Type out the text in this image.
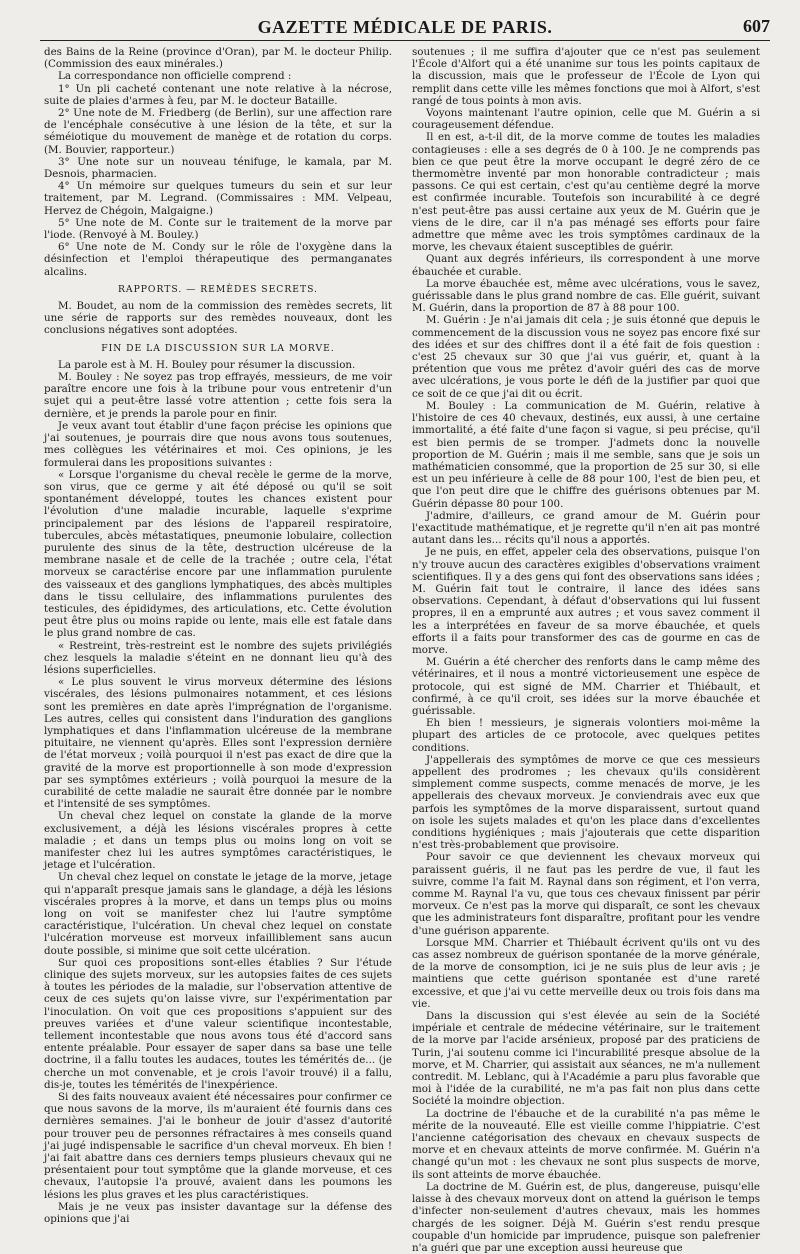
GAZETTE MÉDICALE DE PARIS.	607

des Bains de la Reine (province d'Oran), par M. le docteur Philip. (Commission des eaux minérales.)

La correspondance non officielle comprend :

1° Un pli cacheté contenant une note relative à la nécrose, suite de plaies d'armes à feu, par M. le docteur Bataille.

2° Une note de M. Friedberg (de Berlin), sur une affection rare de l'encéphale consécutive à une lésion de la tête, et sur la séméiotique du mouvement de manège et de rotation du corps. (M. Bouvier, rapporteur.)

3° Une note sur un nouveau ténifuge, le kamala, par M. Desnois, pharmacien.

4° Un mémoire sur quelques tumeurs du sein et sur leur traitement, par M. Legrand. (Commissaires : MM. Velpeau, Hervez de Chégoin, Malgaigne.)

5° Une note de M. Conte sur le traitement de la morve par l'iode. (Renvoyé à M. Bouley.)

6° Une note de M. Condy sur le rôle de l'oxygène dans la désinfection et l'emploi thérapeutique des permanganates alcalins.

RAPPORTS. — REMÈDES SECRETS.

M. Boudet, au nom de la commission des remèdes secrets, lit une série de rapports sur des remèdes nouveaux, dont les conclusions négatives sont adoptées.

FIN DE LA DISCUSSION SUR LA MORVE.

La parole est à M. H. Bouley pour résumer la discussion.

M. Bouley : Ne soyez pas trop effrayés, messieurs, de me voir paraître encore une fois à la tribune pour vous entretenir d'un sujet qui a peut-être lassé votre attention ; cette fois sera la dernière, et je prends la parole pour en finir.

Je veux avant tout établir d'une façon précise les opinions que j'ai soutenues, je pourrais dire que nous avons tous soutenues, mes collègues les vétérinaires et moi. Ces opinions, je les formulerai dans les propositions suivantes :

« Lorsque l'organisme du cheval recèle le germe de la morve, son virus, que ce germe y ait été déposé ou qu'il se soit spontanément développé, toutes les chances existent pour l'évolution d'une maladie incurable, laquelle s'exprime principalement par des lésions de l'appareil respiratoire, tubercules, abcès métastatiques, pneumonie lobulaire, collection purulente des sinus de la tête, destruction ulcéreuse de la membrane nasale et de celle de la trachée ; outre cela, l'état morveux se caractérise encore par une inflammation purulente des vaisseaux et des ganglions lymphatiques, des abcès multiples dans le tissu cellulaire, des inflammations purulentes des testicules, des épididymes, des articulations, etc. Cette évolution peut être plus ou moins rapide ou lente, mais elle est fatale dans le plus grand nombre de cas.

« Restreint, très-restreint est le nombre des sujets privilégiés chez lesquels la maladie s'éteint en ne donnant lieu qu'à des lésions superficielles.

« Le plus souvent le virus morveux détermine des lésions viscérales, des lésions pulmonaires notamment, et ces lésions sont les premières en date après l'imprégnation de l'organisme. Les autres, celles qui consistent dans l'induration des ganglions lymphatiques et dans l'inflammation ulcéreuse de la membrane pituitaire, ne viennent qu'après. Elles sont l'expression dernière de l'état morveux ; voilà pourquoi il n'est pas exact de dire que la gravité de la morve est proportionnelle à son mode d'expression par ses symptômes extérieurs ; voilà pourquoi la mesure de la curabilité de cette maladie ne saurait être donnée par le nombre et l'intensité de ses symptômes.

Un cheval chez lequel on constate la glande de la morve exclusivement, a déjà les lésions viscérales propres à cette maladie ; et dans un temps plus ou moins long on voit se manifester chez lui les autres symptômes caractéristiques, le jetage et l'ulcération.

Un cheval chez lequel on constate le jetage de la morve, jetage qui n'apparaît presque jamais sans le glandage, a déjà les lésions viscérales propres à la morve, et dans un temps plus ou moins long on voit se manifester chez lui l'autre symptôme caractéristique, l'ulcération. Un cheval chez lequel on constate l'ulcération morveuse est morveux infailliblement sans aucun doute possible, si minime que soit cette ulcération.

Sur quoi ces propositions sont-elles établies ? Sur l'étude clinique des sujets morveux, sur les autopsies faites de ces sujets à toutes les périodes de la maladie, sur l'observation attentive de ceux de ces sujets qu'on laisse vivre, sur l'expérimentation par l'inoculation. On voit que ces propositions s'appuient sur des preuves variées et d'une valeur scientifique incontestable, tellement incontestable que nous avons tous été d'accord sans entente préalable. Pour essayer de saper dans sa base une telle doctrine, il a fallu toutes les audaces, toutes les témérités de... (je cherche un mot convenable, et je crois l'avoir trouvé) il a fallu, dis-je, toutes les témérités de l'inexpérience.

Si des faits nouveaux avaient été nécessaires pour confirmer ce que nous savons de la morve, ils m'auraient été fournis dans ces dernières semaines. J'ai le bonheur de jouir d'assez d'autorité pour trouver peu de personnes réfractaires à mes conseils quand j'ai jugé indispensable le sacrifice d'un cheval morveux. Eh bien ! j'ai fait abattre dans ces derniers temps plusieurs chevaux qui ne présentaient pour tout symptôme que la glande morveuse, et ces chevaux, l'autopsie l'a prouvé, avaient dans les poumons les lésions les plus graves et les plus caractéristiques.

Mais je ne veux pas insister davantage sur la défense des opinions que j'ai

soutenues ; il me suffira d'ajouter que ce n'est pas seulement l'École d'Alfort qui a été unanime sur tous les points capitaux de la discussion, mais que le professeur de l'École de Lyon qui remplit dans cette ville les mêmes fonctions que moi à Alfort, s'est rangé de tous points à mon avis.

Voyons maintenant l'autre opinion, celle que M. Guérin a si courageusement défendue.

Il en est, a-t-il dit, de la morve comme de toutes les maladies contagieuses : elle a ses degrés de 0 à 100. Je ne comprends pas bien ce que peut être la morve occupant le degré zéro de ce thermomètre inventé par mon honorable contradicteur ; mais passons. Ce qui est certain, c'est qu'au centième degré la morve est confirmée incurable. Toutefois son incurabilité à ce degré n'est peut-être pas aussi certaine aux yeux de M. Guérin que je viens de le dire, car il n'a pas ménagé ses efforts pour faire admettre que même avec les trois symptômes cardinaux de la morve, les chevaux étaient susceptibles de guérir.

Quant aux degrés inférieurs, ils correspondent à une morve ébauchée et curable.

La morve ébauchée est, même avec ulcérations, vous le savez, guérissable dans le plus grand nombre de cas. Elle guérit, suivant M. Guérin, dans la proportion de 87 à 88 pour 100.

M. Guérin : Je n'ai jamais dit cela ; je suis étonné que depuis le commencement de la discussion vous ne soyez pas encore fixé sur des idées et sur des chiffres dont il a été fait de fois question : c'est 25 chevaux sur 30 que j'ai vus guérir, et, quant à la prétention que vous me prêtez d'avoir guéri des cas de morve avec ulcérations, je vous porte le défi de la justifier par quoi que ce soit de ce que j'ai dit ou écrit.

M. Bouley : La communication de M. Guérin, relative à l'histoire de ces 40 chevaux, destinés, eux aussi, à une certaine immortalité, a été faite d'une façon si vague, si peu précise, qu'il est bien permis de se tromper. J'admets donc la nouvelle proportion de M. Guérin ; mais il me semble, sans que je sois un mathématicien consommé, que la proportion de 25 sur 30, si elle est un peu inférieure à celle de 88 pour 100, l'est de bien peu, et que l'on peut dire que le chiffre des guérisons obtenues par M. Guérin dépasse 80 pour 100.

J'admire, d'ailleurs, ce grand amour de M. Guérin pour l'exactitude mathématique, et je regrette qu'il n'en ait pas montré autant dans les... récits qu'il nous a apportés.

Je ne puis, en effet, appeler cela des observations, puisque l'on n'y trouve aucun des caractères exigibles d'observations vraiment scientifiques. Il y a des gens qui font des observations sans idées ; M. Guérin fait tout le contraire, il lance des idées sans observations. Cependant, à défaut d'observations qui lui fussent propres, il en a emprunté aux autres ; et vous savez comment il les a interprétées en faveur de sa morve ébauchée, et quels efforts il a faits pour transformer des cas de gourme en cas de morve.

M. Guérin a été chercher des renforts dans le camp même des vétérinaires, et il nous a montré victorieusement une espèce de protocole, qui est signé de MM. Charrier et Thiébault, et confirmé, à ce qu'il croit, ses idées sur la morve ébauchée et guérissable.

Eh bien ! messieurs, je signerais volontiers moi-même la plupart des articles de ce protocole, avec quelques petites conditions.

J'appellerais des symptômes de morve ce que ces messieurs appellent des prodromes ; les chevaux qu'ils considèrent simplement comme suspects, comme menacés de morve, je les appellerais des chevaux morveux. Je conviendrais avec eux que parfois les symptômes de la morve disparaissent, surtout quand on isole les sujets malades et qu'on les place dans d'excellentes conditions hygiéniques ; mais j'ajouterais que cette disparition n'est très-probablement que provisoire.

Pour savoir ce que deviennent les chevaux morveux qui paraissent guéris, il ne faut pas les perdre de vue, il faut les suivre, comme l'a fait M. Raynal dans son régiment, et l'on verra, comme M. Raynal l'a vu, que tous ces chevaux finissent par périr morveux. Ce n'est pas la morve qui disparaît, ce sont les chevaux que les administrateurs font disparaître, profitant pour les vendre d'une guérison apparente.

Lorsque MM. Charrier et Thiébault écrivent qu'ils ont vu des cas assez nombreux de guérison spontanée de la morve générale, de la morve de consomption, ici je ne suis plus de leur avis ; je maintiens que cette guérison spontanée est d'une rareté excessive, et que j'ai vu cette merveille deux ou trois fois dans ma vie.

Dans la discussion qui s'est élevée au sein de la Société impériale et centrale de médecine vétérinaire, sur le traitement de la morve par l'acide arsénieux, proposé par des praticiens de Turin, j'ai soutenu comme ici l'incurabilité presque absolue de la morve, et M. Charrier, qui assistait aux séances, ne m'a nullement contredit. M. Leblanc, qui à l'Académie a paru plus favorable que moi à l'idée de la curabilité, ne m'a pas fait non plus dans cette Société la moindre objection.

La doctrine de l'ébauche et de la curabilité n'a pas même le mérite de la nouveauté. Elle est vieille comme l'hippiatrie. C'est l'ancienne catégorisation des chevaux en chevaux suspects de morve et en chevaux atteints de morve confirmée. M. Guérin n'a changé qu'un mot : les chevaux ne sont plus suspects de morve, ils sont atteints de morve ébauchée.

La doctrine de M. Guérin est, de plus, dangereuse, puisqu'elle laisse à des chevaux morveux dont on attend la guérison le temps d'infecter non-seulement d'autres chevaux, mais les hommes chargés de les soigner. Déjà M. Guérin s'est rendu presque coupable d'un homicide par imprudence, puisque son palefrenier n'a guéri que par une exception aussi heureuse que
